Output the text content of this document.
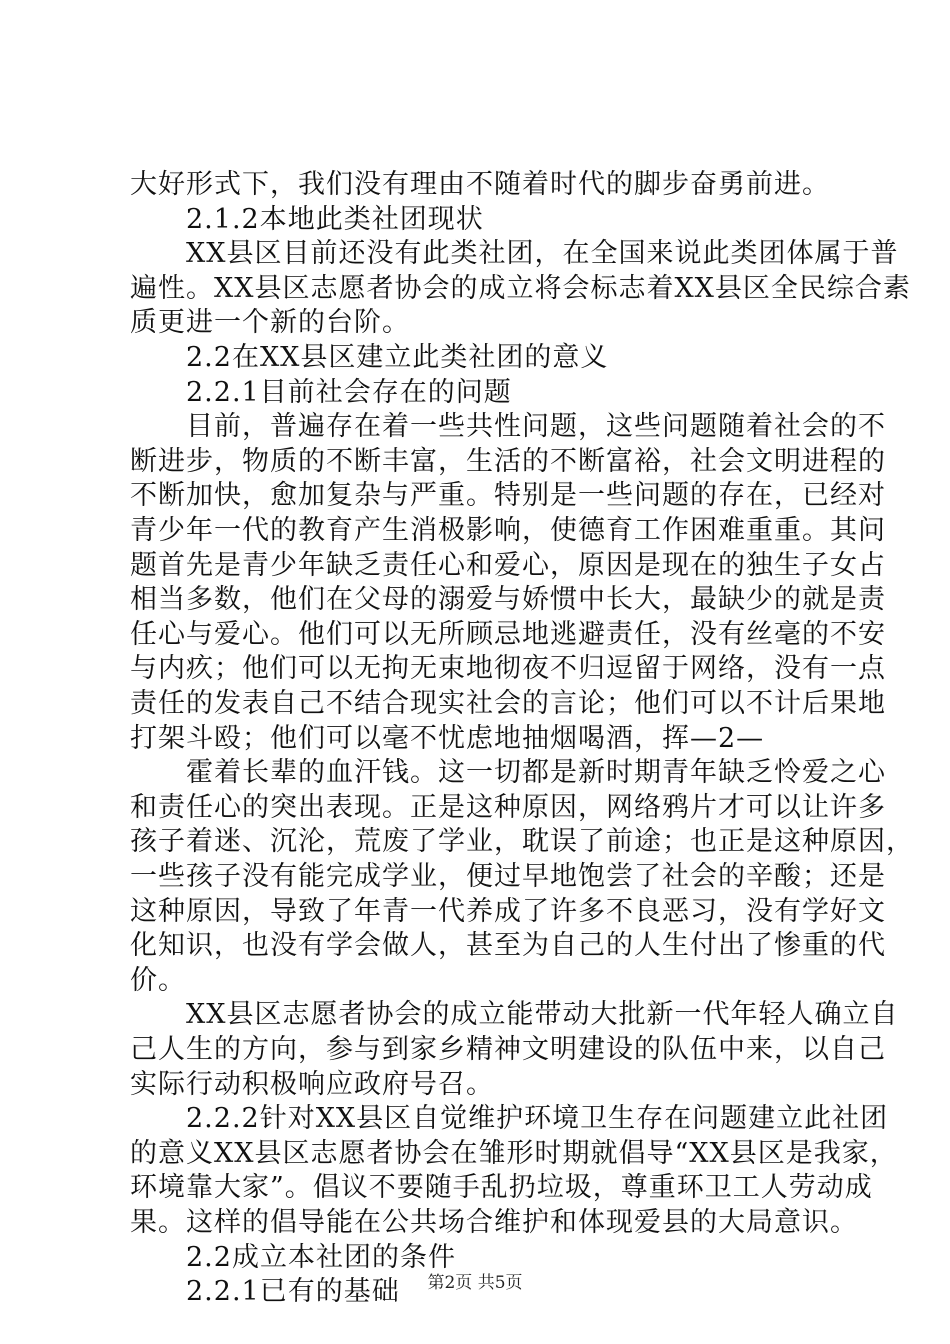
大好形式下，我们没有理由不随着时代的脚步奋勇前进。
　　2.1.2本地此类社团现状
　　XX县区目前还没有此类社团，在全国来说此类团体属于普
遍性。XX县区志愿者协会的成立将会标志着XX县区全民综合素
质更进一个新的台阶。
　　2.2在XX县区建立此类社团的意义
　　2.2.1目前社会存在的问题
　　目前，普遍存在着一些共性问题，这些问题随着社会的不
断进步，物质的不断丰富，生活的不断富裕，社会文明进程的
不断加快，愈加复杂与严重。特别是一些问题的存在，已经对
青少年一代的教育产生消极影响，使德育工作困难重重。其问
题首先是青少年缺乏责任心和爱心，原因是现在的独生子女占
相当多数，他们在父母的溺爱与娇惯中长大，最缺少的就是责
任心与爱心。他们可以无所顾忌地逃避责任，没有丝毫的不安
与内疚；他们可以无拘无束地彻夜不归逗留于网络，没有一点
责任的发表自己不结合现实社会的言论；他们可以不计后果地
打架斗殴；他们可以毫不忧虑地抽烟喝酒，挥—2—
　　霍着长辈的血汗钱。这一切都是新时期青年缺乏怜爱之心
和责任心的突出表现。正是这种原因，网络鸦片才可以让许多
孩子着迷、沉沦，荒废了学业，耽误了前途；也正是这种原因，
一些孩子没有能完成学业，便过早地饱尝了社会的辛酸；还是
这种原因，导致了年青一代养成了许多不良恶习，没有学好文
化知识，也没有学会做人，甚至为自己的人生付出了惨重的代
价。
　　XX县区志愿者协会的成立能带动大批新一代年轻人确立自
己人生的方向，参与到家乡精神文明建设的队伍中来，以自己
实际行动积极响应政府号召。
　　2.2.2针对XX县区自觉维护环境卫生存在问题建立此社团
的意义XX县区志愿者协会在雏形时期就倡导“XX县区是我家，
环境靠大家”。倡议不要随手乱扔垃圾，尊重环卫工人劳动成
果。这样的倡导能在公共场合维护和体现爱县的大局意识。
　　2.2成立本社团的条件
　　2.2.1已有的基础	第2页 共5页
